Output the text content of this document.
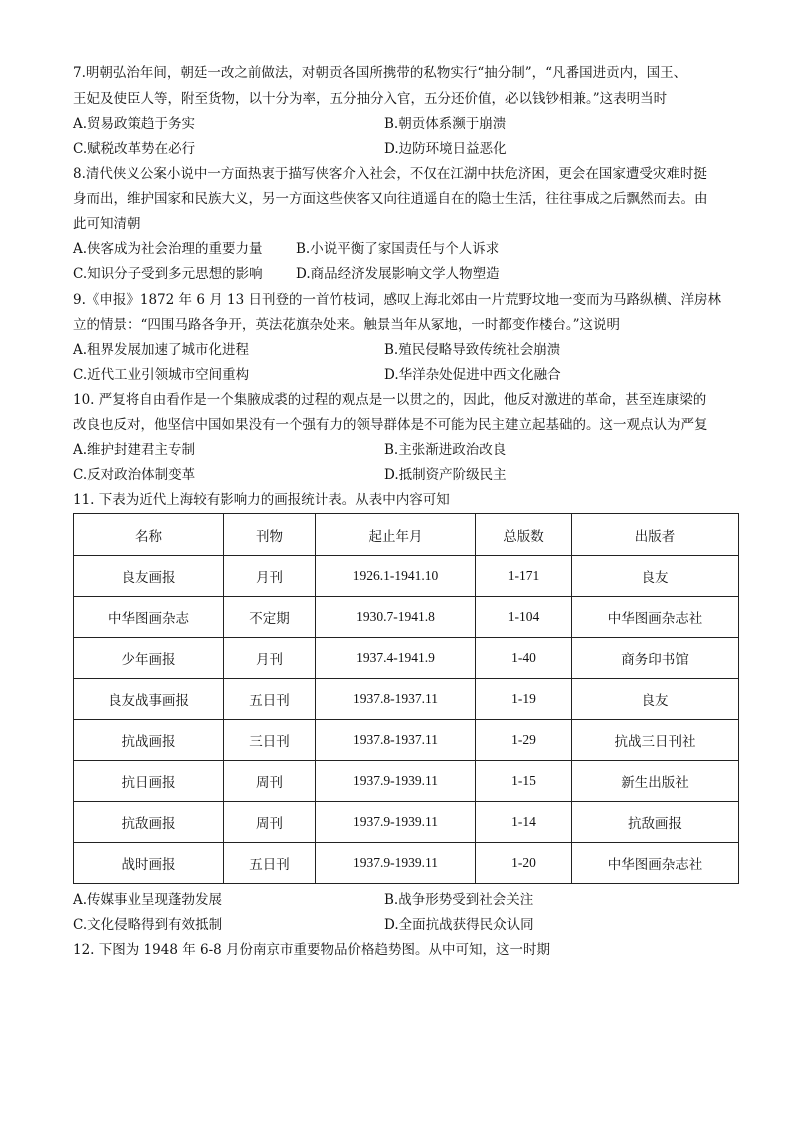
7.明朝弘治年间，朝廷一改之前做法，对朝贡各国所携带的私物实行“抽分制”，“凡番国进贡内，国王、
王妃及使臣人等，附至货物，以十分为率，五分抽分入官，五分还价值，必以钱钞相兼。”这表明当时
A.贸易政策趋于务实	B.朝贡体系濒于崩溃
C.赋税改革势在必行	D.边防环境日益恶化
8.清代侠义公案小说中一方面热衷于描写侠客介入社会，不仅在江湖中扶危济困，更会在国家遭受灾难时挺
身而出，维护国家和民族大义，另一方面这些侠客又向往逍遥自在的隐士生活，往往事成之后飘然而去。由
此可知清朝
A.侠客成为社会治理的重要力量 B.小说平衡了家国责任与个人诉求
C.知识分子受到多元思想的影响 D.商品经济发展影响文学人物塑造
9.《申报》1872 年 6 月 13 日刊登的一首竹枝词，感叹上海北郊由一片荒野坟地一变而为马路纵横、洋房林
立的情景：“四围马路各争开，英法花旗杂处来。触景当年从冢地，一时都变作楼台。”这说明
A.租界发展加速了城市化进程	B.殖民侵略导致传统社会崩溃
C.近代工业引领城市空间重构	D.华洋杂处促进中西文化融合
10. 严复将自由看作是一个集腋成裘的过程的观点是一以贯之的，因此，他反对激进的革命，甚至连康梁的
改良也反对，他坚信中国如果没有一个强有力的领导群体是不可能为民主建立起基础的。这一观点认为严复
A.维护封建君主专制	B.主张渐进政治改良
C.反对政治体制变革	D.抵制资产阶级民主
11. 下表为近代上海较有影响力的画报统计表。从表中内容可知
名称	刊物	起止年月	总版数	出版者
良友画报	月刊	1926.1-1941.10	1-171	良友
中华图画杂志	不定期	1930.7-1941.8	1-104	中华图画杂志社
少年画报	月刊	1937.4-1941.9	1-40	商务印书馆
良友战事画报	五日刊	1937.8-1937.11	1-19	良友
抗战画报	三日刊	1937.8-1937.11	1-29	抗战三日刊社
抗日画报	周刊	1937.9-1939.11	1-15	新生出版社
抗敌画报	周刊	1937.9-1939.11	1-14	抗敌画报
战时画报	五日刊	1937.9-1939.11	1-20	中华图画杂志社
A.传媒事业呈现蓬勃发展	B.战争形势受到社会关注
C.文化侵略得到有效抵制	D.全面抗战获得民众认同
12. 下图为 1948 年 6-8 月份南京市重要物品价格趋势图。从中可知，这一时期
